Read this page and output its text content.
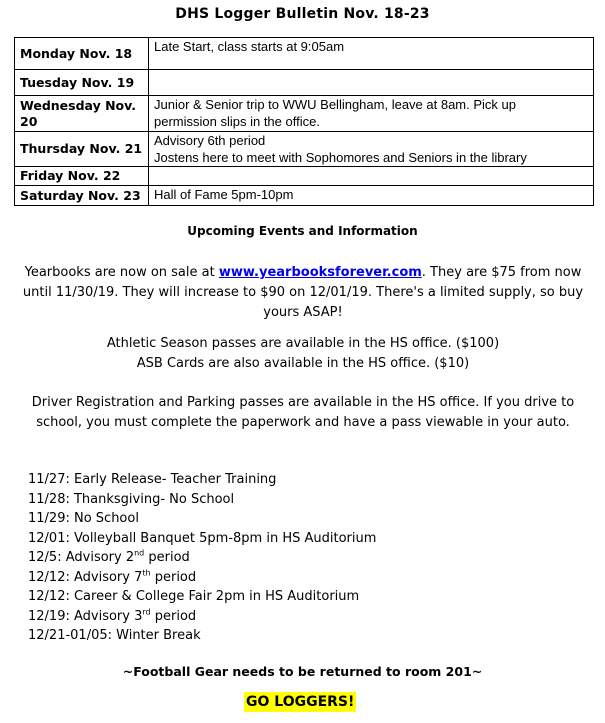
DHS Logger Bulletin Nov. 18-23
Monday Nov. 18	Late Start, class starts at 9:05am

Tuesday Nov. 19	
Wednesday Nov. 20	Junior & Senior trip to WWU Bellingham, leave at 8am. Pick up
permission slips in the office.

Thursday Nov. 21	Advisory 6th period
Jostens here to meet with Sophomores and Seniors in the library

Friday Nov. 22	
Saturday Nov. 23	Hall of Fame 5pm-10pm
Upcoming Events and Information
Yearbooks are now on sale at www.yearbooksforever.com. They are $75 from now until 11/30/19. They will increase to $90 on 12/01/19. There's a limited supply, so buy yours ASAP!
Athletic Season passes are available in the HS office. ($100)
ASB Cards are also available in the HS office. ($10)
Driver Registration and Parking passes are available in the HS office. If you drive to school, you must complete the paperwork and have a pass viewable in your auto.
11/27: Early Release- Teacher Training
11/28: Thanksgiving- No School
11/29: No School
12/01: Volleyball Banquet 5pm-8pm in HS Auditorium
12/5: Advisory 2nd period
12/12: Advisory 7th period
12/12: Career & College Fair 2pm in HS Auditorium
12/19: Advisory 3rd period
12/21-01/05: Winter Break
~Football Gear needs to be returned to room 201~
GO LOGGERS!
